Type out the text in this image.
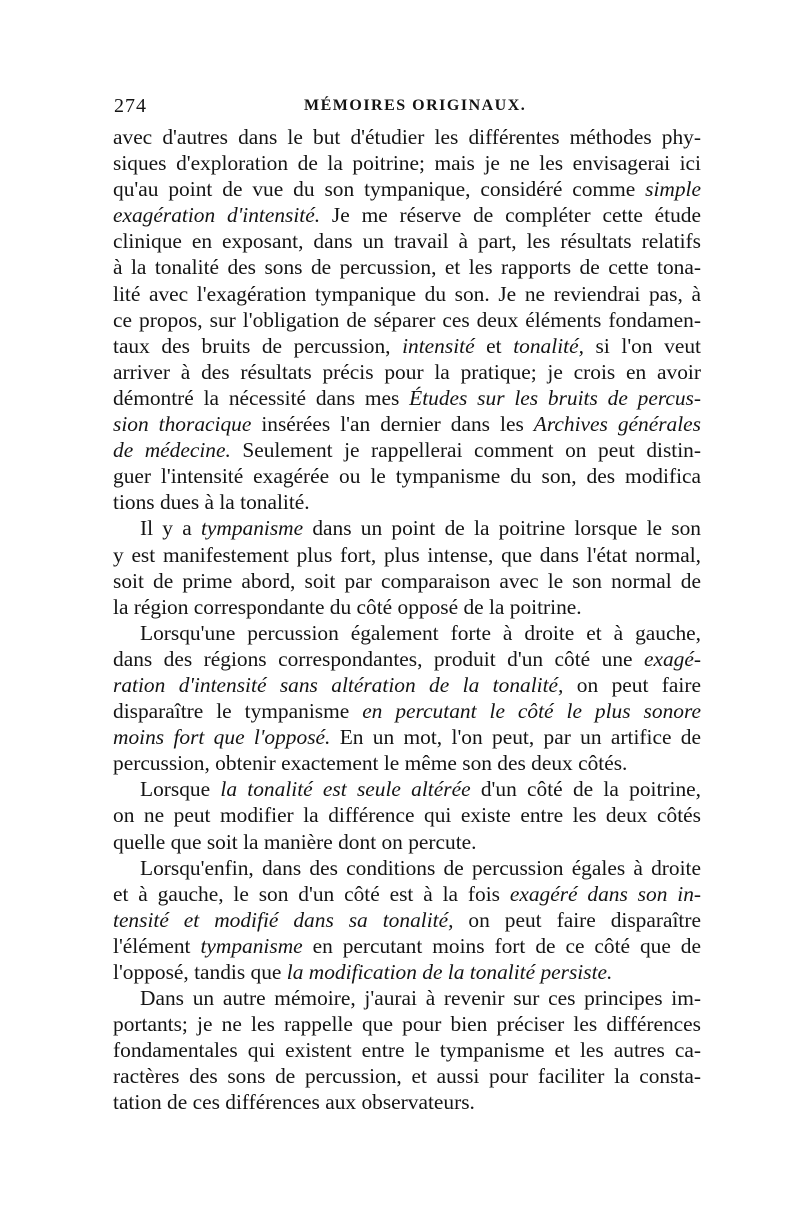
274	MÉMOIRES ORIGINAUX.
avec d'autres dans le but d'étudier les différentes méthodes phy-
siques d'exploration de la poitrine; mais je ne les envisagerai ici
qu'au point de vue du son tympanique, considéré comme simple
exagération d'intensité. Je me réserve de compléter cette étude
clinique en exposant, dans un travail à part, les résultats relatifs
à la tonalité des sons de percussion, et les rapports de cette tona-
lité avec l'exagération tympanique du son. Je ne reviendrai pas, à
ce propos, sur l'obligation de séparer ces deux éléments fondamen-
taux des bruits de percussion, intensité et tonalité, si l'on veut
arriver à des résultats précis pour la pratique; je crois en avoir
démontré la nécessité dans mes Études sur les bruits de percus-
sion thoracique insérées l'an dernier dans les Archives générales
de médecine. Seulement je rappellerai comment on peut distin-
guer l'intensité exagérée ou le tympanisme du son, des modifica
tions dues à la tonalité.
Il y a tympanisme dans un point de la poitrine lorsque le son
y est manifestement plus fort, plus intense, que dans l'état normal,
soit de prime abord, soit par comparaison avec le son normal de
la région correspondante du côté opposé de la poitrine.
Lorsqu'une percussion également forte à droite et à gauche,
dans des régions correspondantes, produit d'un côté une exagé-
ration d'intensité sans altération de la tonalité, on peut faire
disparaître le tympanisme en percutant le côté le plus sonore
moins fort que l'opposé. En un mot, l'on peut, par un artifice de
percussion, obtenir exactement le même son des deux côtés.
Lorsque la tonalité est seule altérée d'un côté de la poitrine,
on ne peut modifier la différence qui existe entre les deux côtés
quelle que soit la manière dont on percute.
Lorsqu'enfin, dans des conditions de percussion égales à droite
et à gauche, le son d'un côté est à la fois exagéré dans son in-
tensité et modifié dans sa tonalité, on peut faire disparaître
l'élément tympanisme en percutant moins fort de ce côté que de
l'opposé, tandis que la modification de la tonalité persiste.
Dans un autre mémoire, j'aurai à revenir sur ces principes im-
portants; je ne les rappelle que pour bien préciser les différences
fondamentales qui existent entre le tympanisme et les autres ca-
ractères des sons de percussion, et aussi pour faciliter la consta-
tation de ces différences aux observateurs.
